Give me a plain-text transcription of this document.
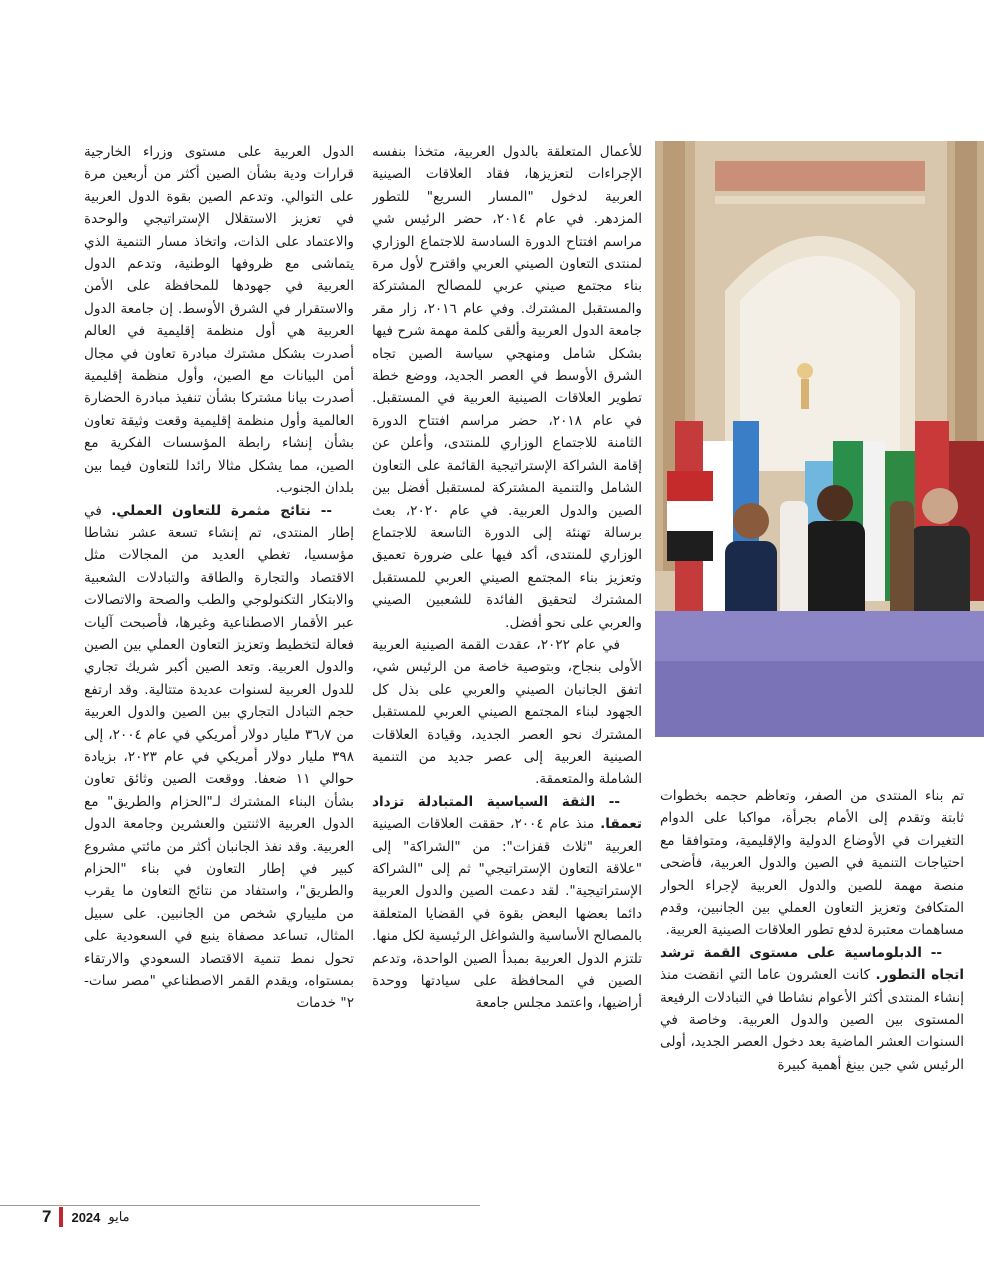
تم بناء المنتدى من الصفر، وتعاظم حجمه بخطوات ثابتة وتقدم إلى الأمام بجرأة، مواكبا على الدوام التغيرات في الأوضاع الدولية والإقليمية، ومتوافقا مع احتياجات التنمية في الصين والدول العربية، فأضحى منصة مهمة للصين والدول العربية لإجراء الحوار المتكافئ وتعزيز التعاون العملي بين الجانبين، وقدم مساهمات معتبرة لدفع تطور العلاقات الصينية العربية.

-- الدبلوماسية على مستوى القمة ترشد اتجاه التطور. كانت العشرون عاما التي انقضت منذ إنشاء المنتدى أكثر الأعوام نشاطا في التبادلات الرفيعة المستوى بين الصين والدول العربية. وخاصة في السنوات العشر الماضية بعد دخول العصر الجديد، أولى الرئيس شي جين بينغ أهمية كبيرة

للأعمال المتعلقة بالدول العربية، متخذا بنفسه الإجراءات لتعزيزها، فقاد العلاقات الصينية العربية لدخول "المسار السريع" للتطور المزدهر. في عام ٢٠١٤، حضر الرئيس شي مراسم افتتاح الدورة السادسة للاجتماع الوزاري لمنتدى التعاون الصيني العربي واقترح لأول مرة بناء مجتمع صيني عربي للمصالح المشتركة والمستقبل المشترك. وفي عام ٢٠١٦، زار مقر جامعة الدول العربية وألقى كلمة مهمة شرح فيها بشكل شامل ومنهجي سياسة الصين تجاه الشرق الأوسط في العصر الجديد، ووضع خطة تطوير العلاقات الصينية العربية في المستقبل. في عام ٢٠١٨، حضر مراسم افتتاح الدورة الثامنة للاجتماع الوزاري للمنتدى، وأعلن عن إقامة الشراكة الإستراتيجية القائمة على التعاون الشامل والتنمية المشتركة لمستقبل أفضل بين الصين والدول العربية. في عام ٢٠٢٠، بعث برسالة تهنئة إلى الدورة التاسعة للاجتماع الوزاري للمنتدى، أكد فيها على ضرورة تعميق وتعزيز بناء المجتمع الصيني العربي للمستقبل المشترك لتحقيق الفائدة للشعبين الصيني والعربي على نحو أفضل.

في عام ٢٠٢٢، عقدت القمة الصينية العربية الأولى بنجاح، وبتوصية خاصة من الرئيس شي، اتفق الجانبان الصيني والعربي على بذل كل الجهود لبناء المجتمع الصيني العربي للمستقبل المشترك نحو العصر الجديد، وقيادة العلاقات الصينية العربية إلى عصر جديد من التنمية الشاملة والمتعمقة.

-- الثقة السياسية المتبادلة تزداد تعمقا. منذ عام ٢٠٠٤، حققت العلاقات الصينية العربية "ثلاث قفزات": من "الشراكة" إلى "علاقة التعاون الإستراتيجي" ثم إلى "الشراكة الإستراتيجية". لقد دعمت الصين والدول العربية دائما بعضها البعض بقوة في القضايا المتعلقة بالمصالح الأساسية والشواغل الرئيسية لكل منها. تلتزم الدول العربية بمبدأ الصين الواحدة، وتدعم الصين في المحافظة على سيادتها ووحدة أراضيها، واعتمد مجلس جامعة

الدول العربية على مستوى وزراء الخارجية قرارات ودية بشأن الصين أكثر من أربعين مرة على التوالي. وتدعم الصين بقوة الدول العربية في تعزيز الاستقلال الإستراتيجي والوحدة والاعتماد على الذات، واتخاذ مسار التنمية الذي يتماشى مع ظروفها الوطنية، وتدعم الدول العربية في جهودها للمحافظة على الأمن والاستقرار في الشرق الأوسط. إن جامعة الدول العربية هي أول منظمة إقليمية في العالم أصدرت بشكل مشترك مبادرة تعاون في مجال أمن البيانات مع الصين، وأول منظمة إقليمية أصدرت بيانا مشتركا بشأن تنفيذ مبادرة الحضارة العالمية وأول منظمة إقليمية وقعت وثيقة تعاون بشأن إنشاء رابطة المؤسسات الفكرية مع الصين، مما يشكل مثالا رائدا للتعاون فيما بين بلدان الجنوب.

-- نتائج مثمرة للتعاون العملي. في إطار المنتدى، تم إنشاء تسعة عشر نشاطا مؤسسيا، تغطي العديد من المجالات مثل الاقتصاد والتجارة والطاقة والتبادلات الشعبية والابتكار التكنولوجي والطب والصحة والاتصالات عبر الأقمار الاصطناعية وغيرها، فأصبحت آليات فعالة لتخطيط وتعزيز التعاون العملي بين الصين والدول العربية. وتعد الصين أكبر شريك تجاري للدول العربية لسنوات عديدة متتالية. وقد ارتفع حجم التبادل التجاري بين الصين والدول العربية من ٣٦٫٧ مليار دولار أمريكي في عام ٢٠٠٤، إلى ٣٩٨ مليار دولار أمريكي في عام ٢٠٢٣، بزيادة حوالي ١١ ضعفا. ووقعت الصين وثائق تعاون بشأن البناء المشترك لـ"الحزام والطريق" مع الدول العربية الاثنتين والعشرين وجامعة الدول العربية. وقد نفذ الجانبان أكثر من مائتي مشروع كبير في إطار التعاون في بناء "الحزام والطريق"، واستفاد من نتائج التعاون ما يقرب من مليياري شخص من الجانبين. على سبيل المثال، تساعد مصفاة ينبع في السعودية على تحول نمط تنمية الاقتصاد السعودي والارتقاء بمستواه، ويقدم القمر الاصطناعي "مصر سات- ٢" خدمات

7 2024 مايو
